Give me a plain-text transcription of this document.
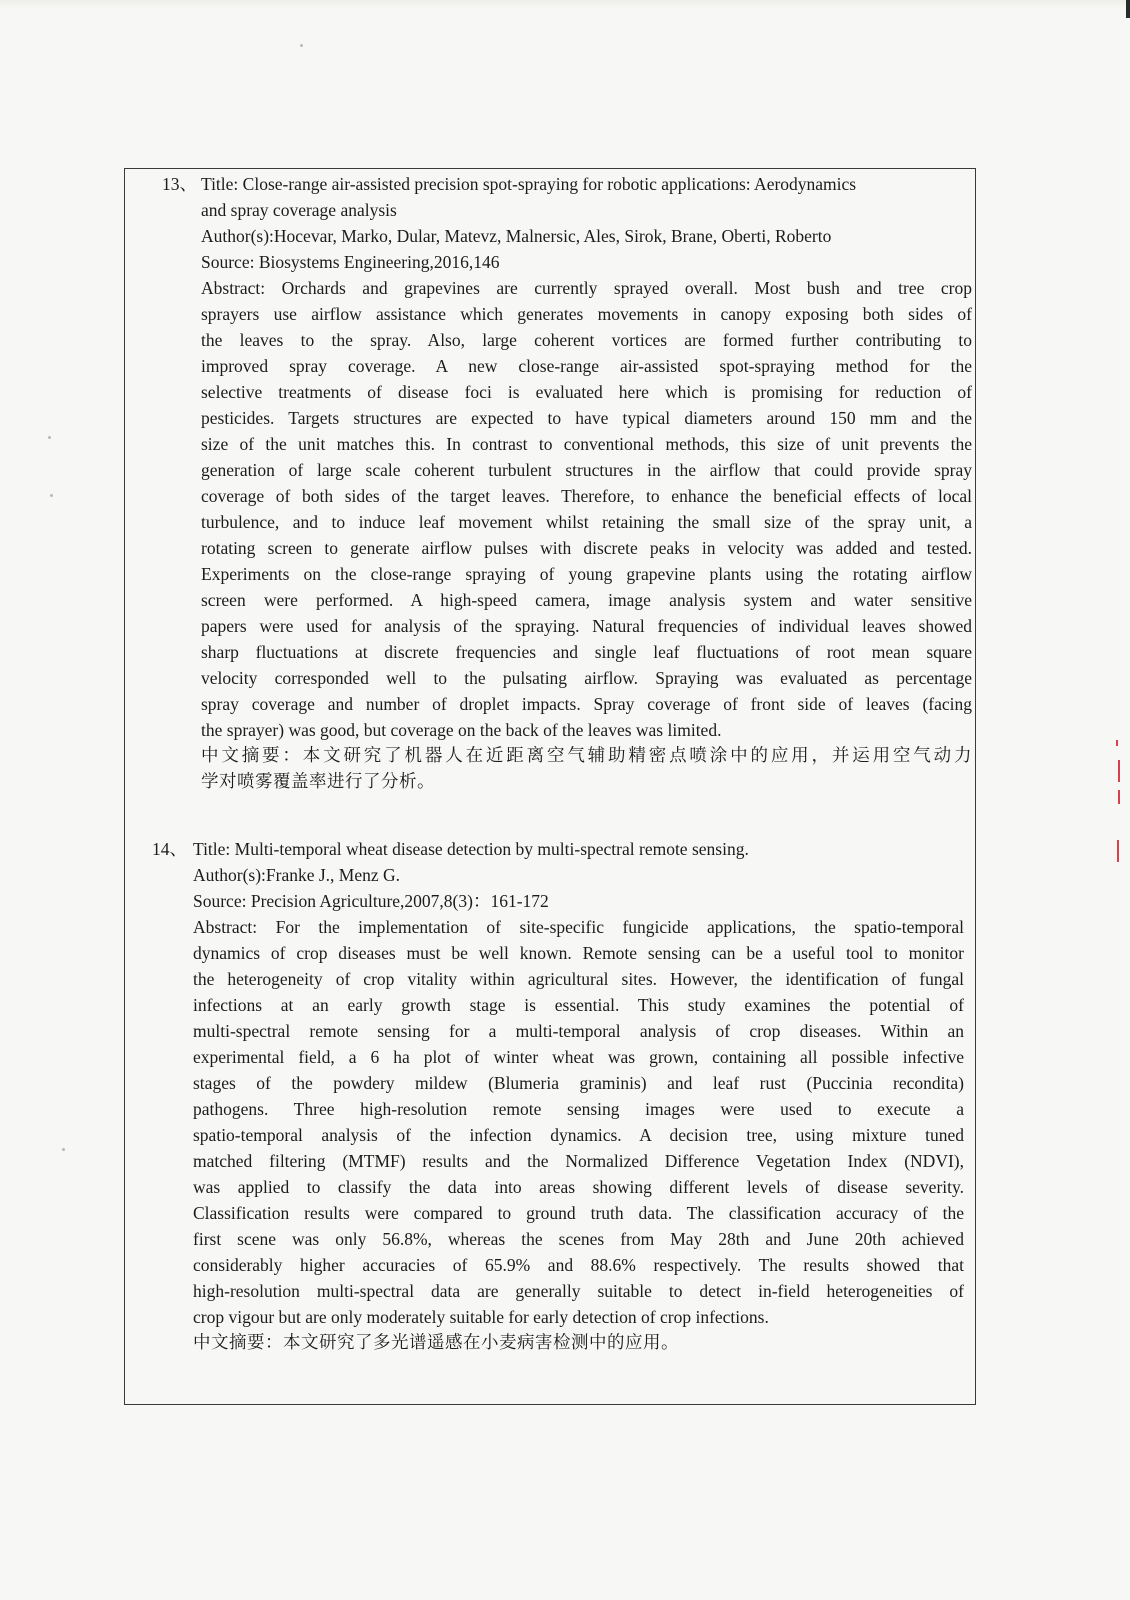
13、 Title: Close-range air-assisted precision spot-spraying for robotic applications: Aerodynamics
and spray coverage analysis
Author(s):Hocevar, Marko, Dular, Matevz, Malnersic, Ales, Sirok, Brane, Oberti, Roberto
Source: Biosystems Engineering,2016,146
Abstract: Orchards and grapevines are currently sprayed overall. Most bush and tree crop
sprayers use airflow assistance which generates movements in canopy exposing both sides of
the leaves to the spray. Also, large coherent vortices are formed further contributing to
improved spray coverage. A new close-range air-assisted spot-spraying method for the
selective treatments of disease foci is evaluated here which is promising for reduction of
pesticides. Targets structures are expected to have typical diameters around 150 mm and the
size of the unit matches this. In contrast to conventional methods, this size of unit prevents the
generation of large scale coherent turbulent structures in the airflow that could provide spray
coverage of both sides of the target leaves. Therefore, to enhance the beneficial effects of local
turbulence, and to induce leaf movement whilst retaining the small size of the spray unit, a
rotating screen to generate airflow pulses with discrete peaks in velocity was added and tested.
Experiments on the close-range spraying of young grapevine plants using the rotating airflow
screen were performed. A high-speed camera, image analysis system and water sensitive
papers were used for analysis of the spraying. Natural frequencies of individual leaves showed
sharp fluctuations at discrete frequencies and single leaf fluctuations of root mean square
velocity corresponded well to the pulsating airflow. Spraying was evaluated as percentage
spray coverage and number of droplet impacts. Spray coverage of front side of leaves (facing
the sprayer) was good, but coverage on the back of the leaves was limited.
中文摘要：本文研究了机器人在近距离空气辅助精密点喷涂中的应用，并运用空气动力
学对喷雾覆盖率进行了分析。
14、 Title: Multi-temporal wheat disease detection by multi-spectral remote sensing.
Author(s):Franke J., Menz G.
Source: Precision Agriculture,2007,8(3)：161-172
Abstract: For the implementation of site-specific fungicide applications, the spatio-temporal
dynamics of crop diseases must be well known. Remote sensing can be a useful tool to monitor
the heterogeneity of crop vitality within agricultural sites. However, the identification of fungal
infections at an early growth stage is essential. This study examines the potential of
multi-spectral remote sensing for a multi-temporal analysis of crop diseases. Within an
experimental field, a 6 ha plot of winter wheat was grown, containing all possible infective
stages of the powdery mildew (Blumeria graminis) and leaf rust (Puccinia recondita)
pathogens. Three high-resolution remote sensing images were used to execute a
spatio-temporal analysis of the infection dynamics. A decision tree, using mixture tuned
matched filtering (MTMF) results and the Normalized Difference Vegetation Index (NDVI),
was applied to classify the data into areas showing different levels of disease severity.
Classification results were compared to ground truth data. The classification accuracy of the
first scene was only 56.8%, whereas the scenes from May 28th and June 20th achieved
considerably higher accuracies of 65.9% and 88.6% respectively. The results showed that
high-resolution multi-spectral data are generally suitable to detect in-field heterogeneities of
crop vigour but are only moderately suitable for early detection of crop infections.
中文摘要：本文研究了多光谱遥感在小麦病害检测中的应用。
